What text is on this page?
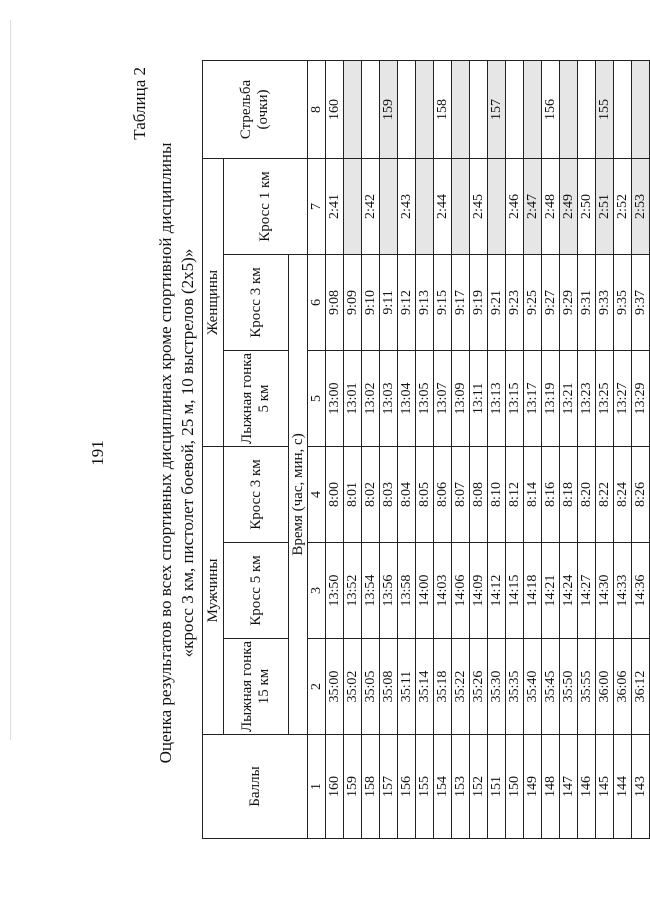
191
Таблица 2
Оценка результатов во всех спортивных дисциплинах кроме спортивной дисциплины «кросс 3 км, пистолет боевой, 25 м, 10 выстрелов (2х5)»
Баллы	Мужчины			Женщины			Стрельба (очки)
	Лыжная гонка 15 км	Кросс 5 км	Кросс 3 км	Лыжная гонка 5 км	Кросс 3 км	Кросс 1 км	
	Время (час, мин, с)						
1	2	3	4	5	6	7	8
160	35:00	13:50	8:00	13:00	9:08	2:41	160
159	35:02	13:52	8:01	13:01	9:09		
158	35:05	13:54	8:02	13:02	9:10	2:42	
157	35:08	13:56	8:03	13:03	9:11		159
156	35:11	13:58	8:04	13:04	9:12	2:43	
155	35:14	14:00	8:05	13:05	9:13		
154	35:18	14:03	8:06	13:07	9:15	2:44	158
153	35:22	14:06	8:07	13:09	9:17		
152	35:26	14:09	8:08	13:11	9:19	2:45	
151	35:30	14:12	8:10	13:13	9:21		157
150	35:35	14:15	8:12	13:15	9:23	2:46	
149	35:40	14:18	8:14	13:17	9:25	2:47	
148	35:45	14:21	8:16	13:19	9:27	2:48	156
147	35:50	14:24	8:18	13:21	9:29	2:49	
146	35:55	14:27	8:20	13:23	9:31	2:50	
145	36:00	14:30	8:22	13:25	9:33	2:51	155
144	36:06	14:33	8:24	13:27	9:35	2:52	
143	36:12	14:36	8:26	13:29	9:37	2:53	
